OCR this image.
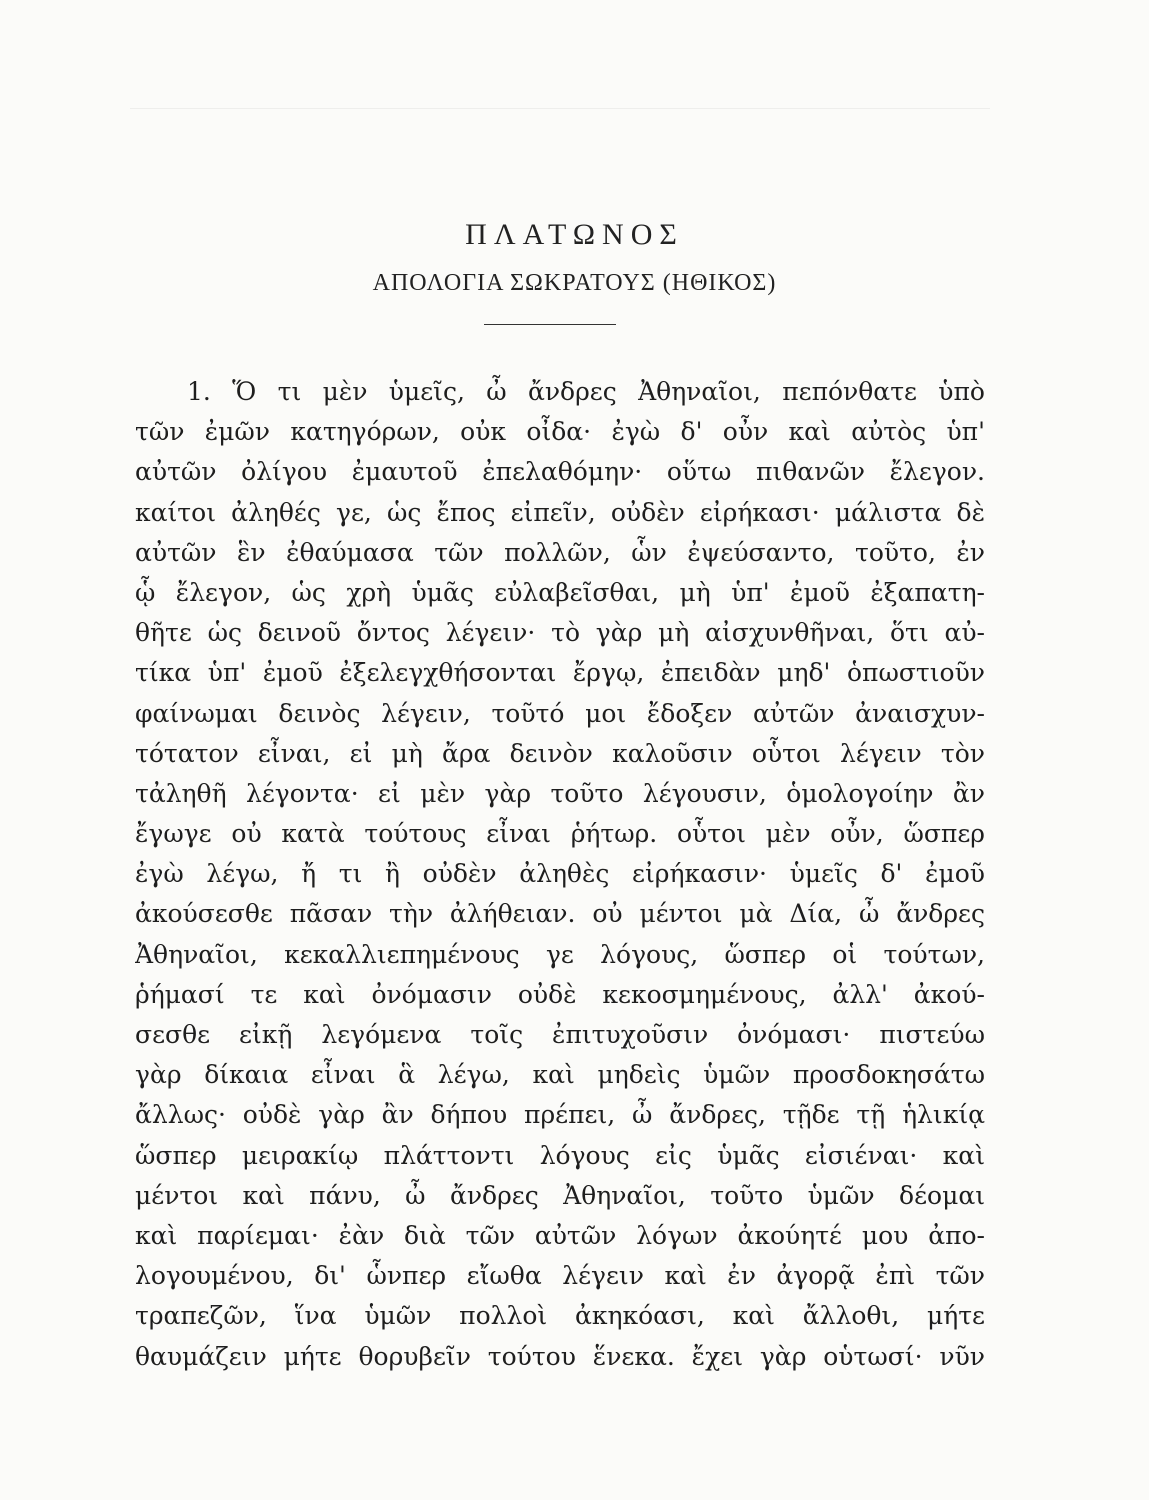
ΠΛΑΤΩΝΟΣ
ΑΠΟΛΟΓΙΑ ΣΩΚΡΑΤΟΥΣ (ΗΘΙΚΟΣ)
1. Ὅ τι μὲν ὑμεῖς, ὦ ἄνδρες Ἀθηναῖοι, πεπόνθατε ὑπὸ
τῶν ἐμῶν κατηγόρων, οὐκ οἶδα· ἐγὼ δ' οὖν καὶ αὐτὸς ὑπ'
αὐτῶν ὀλίγου ἐμαυτοῦ ἐπελαθόμην· οὕτω πιθανῶν ἔλεγον.
καίτοι ἀληθές γε, ὡς ἔπος εἰπεῖν, οὐδὲν εἰρήκασι· μάλιστα δὲ
αὐτῶν ἓν ἐθαύμασα τῶν πολλῶν, ὧν ἐψεύσαντο, τοῦτο, ἐν
ᾧ ἔλεγον, ὡς χρὴ ὑμᾶς εὐλαβεῖσθαι, μὴ ὑπ' ἐμοῦ ἐξαπατη-
θῆτε ὡς δεινοῦ ὄντος λέγειν· τὸ γὰρ μὴ αἰσχυνθῆναι, ὅτι αὐ-
τίκα ὑπ' ἐμοῦ ἐξελεγχθήσονται ἔργῳ, ἐπειδὰν μηδ' ὁπωστιοῦν
φαίνωμαι δεινὸς λέγειν, τοῦτό μοι ἔδοξεν αὐτῶν ἀναισχυν-
τότατον εἶναι, εἰ μὴ ἄρα δεινὸν καλοῦσιν οὗτοι λέγειν τὸν
τἀληθῆ λέγοντα· εἰ μὲν γὰρ τοῦτο λέγουσιν, ὁμολογοίην ἂν
ἔγωγε οὐ κατὰ τούτους εἶναι ῥήτωρ. οὗτοι μὲν οὖν, ὥσπερ
ἐγὼ λέγω, ἤ τι ἢ οὐδὲν ἀληθὲς εἰρήκασιν· ὑμεῖς δ' ἐμοῦ
ἀκούσεσθε πᾶσαν τὴν ἀλήθειαν. οὐ μέντοι μὰ Δία, ὦ ἄνδρες
Ἀθηναῖοι, κεκαλλιεπημένους γε λόγους, ὥσπερ οἱ τούτων,
ῥήμασί τε καὶ ὀνόμασιν οὐδὲ κεκοσμημένους, ἀλλ' ἀκού-
σεσθε εἰκῇ λεγόμενα τοῖς ἐπιτυχοῦσιν ὀνόμασι· πιστεύω
γὰρ δίκαια εἶναι ἃ λέγω, καὶ μηδεὶς ὑμῶν προσδοκησάτω
ἄλλως· οὐδὲ γὰρ ἂν δήπου πρέπει, ὦ ἄνδρες, τῇδε τῇ ἡλικίᾳ
ὥσπερ μειρακίῳ πλάττοντι λόγους εἰς ὑμᾶς εἰσιέναι· καὶ
μέντοι καὶ πάνυ, ὦ ἄνδρες Ἀθηναῖοι, τοῦτο ὑμῶν δέομαι
καὶ παρίεμαι· ἐὰν διὰ τῶν αὐτῶν λόγων ἀκούητέ μου ἀπο-
λογουμένου, δι' ὧνπερ εἴωθα λέγειν καὶ ἐν ἀγορᾷ ἐπὶ τῶν
τραπεζῶν, ἵνα ὑμῶν πολλοὶ ἀκηκόασι, καὶ ἄλλοθι, μήτε
θαυμάζειν μήτε θορυβεῖν τούτου ἕνεκα. ἔχει γὰρ οὑτωσί· νῦν
